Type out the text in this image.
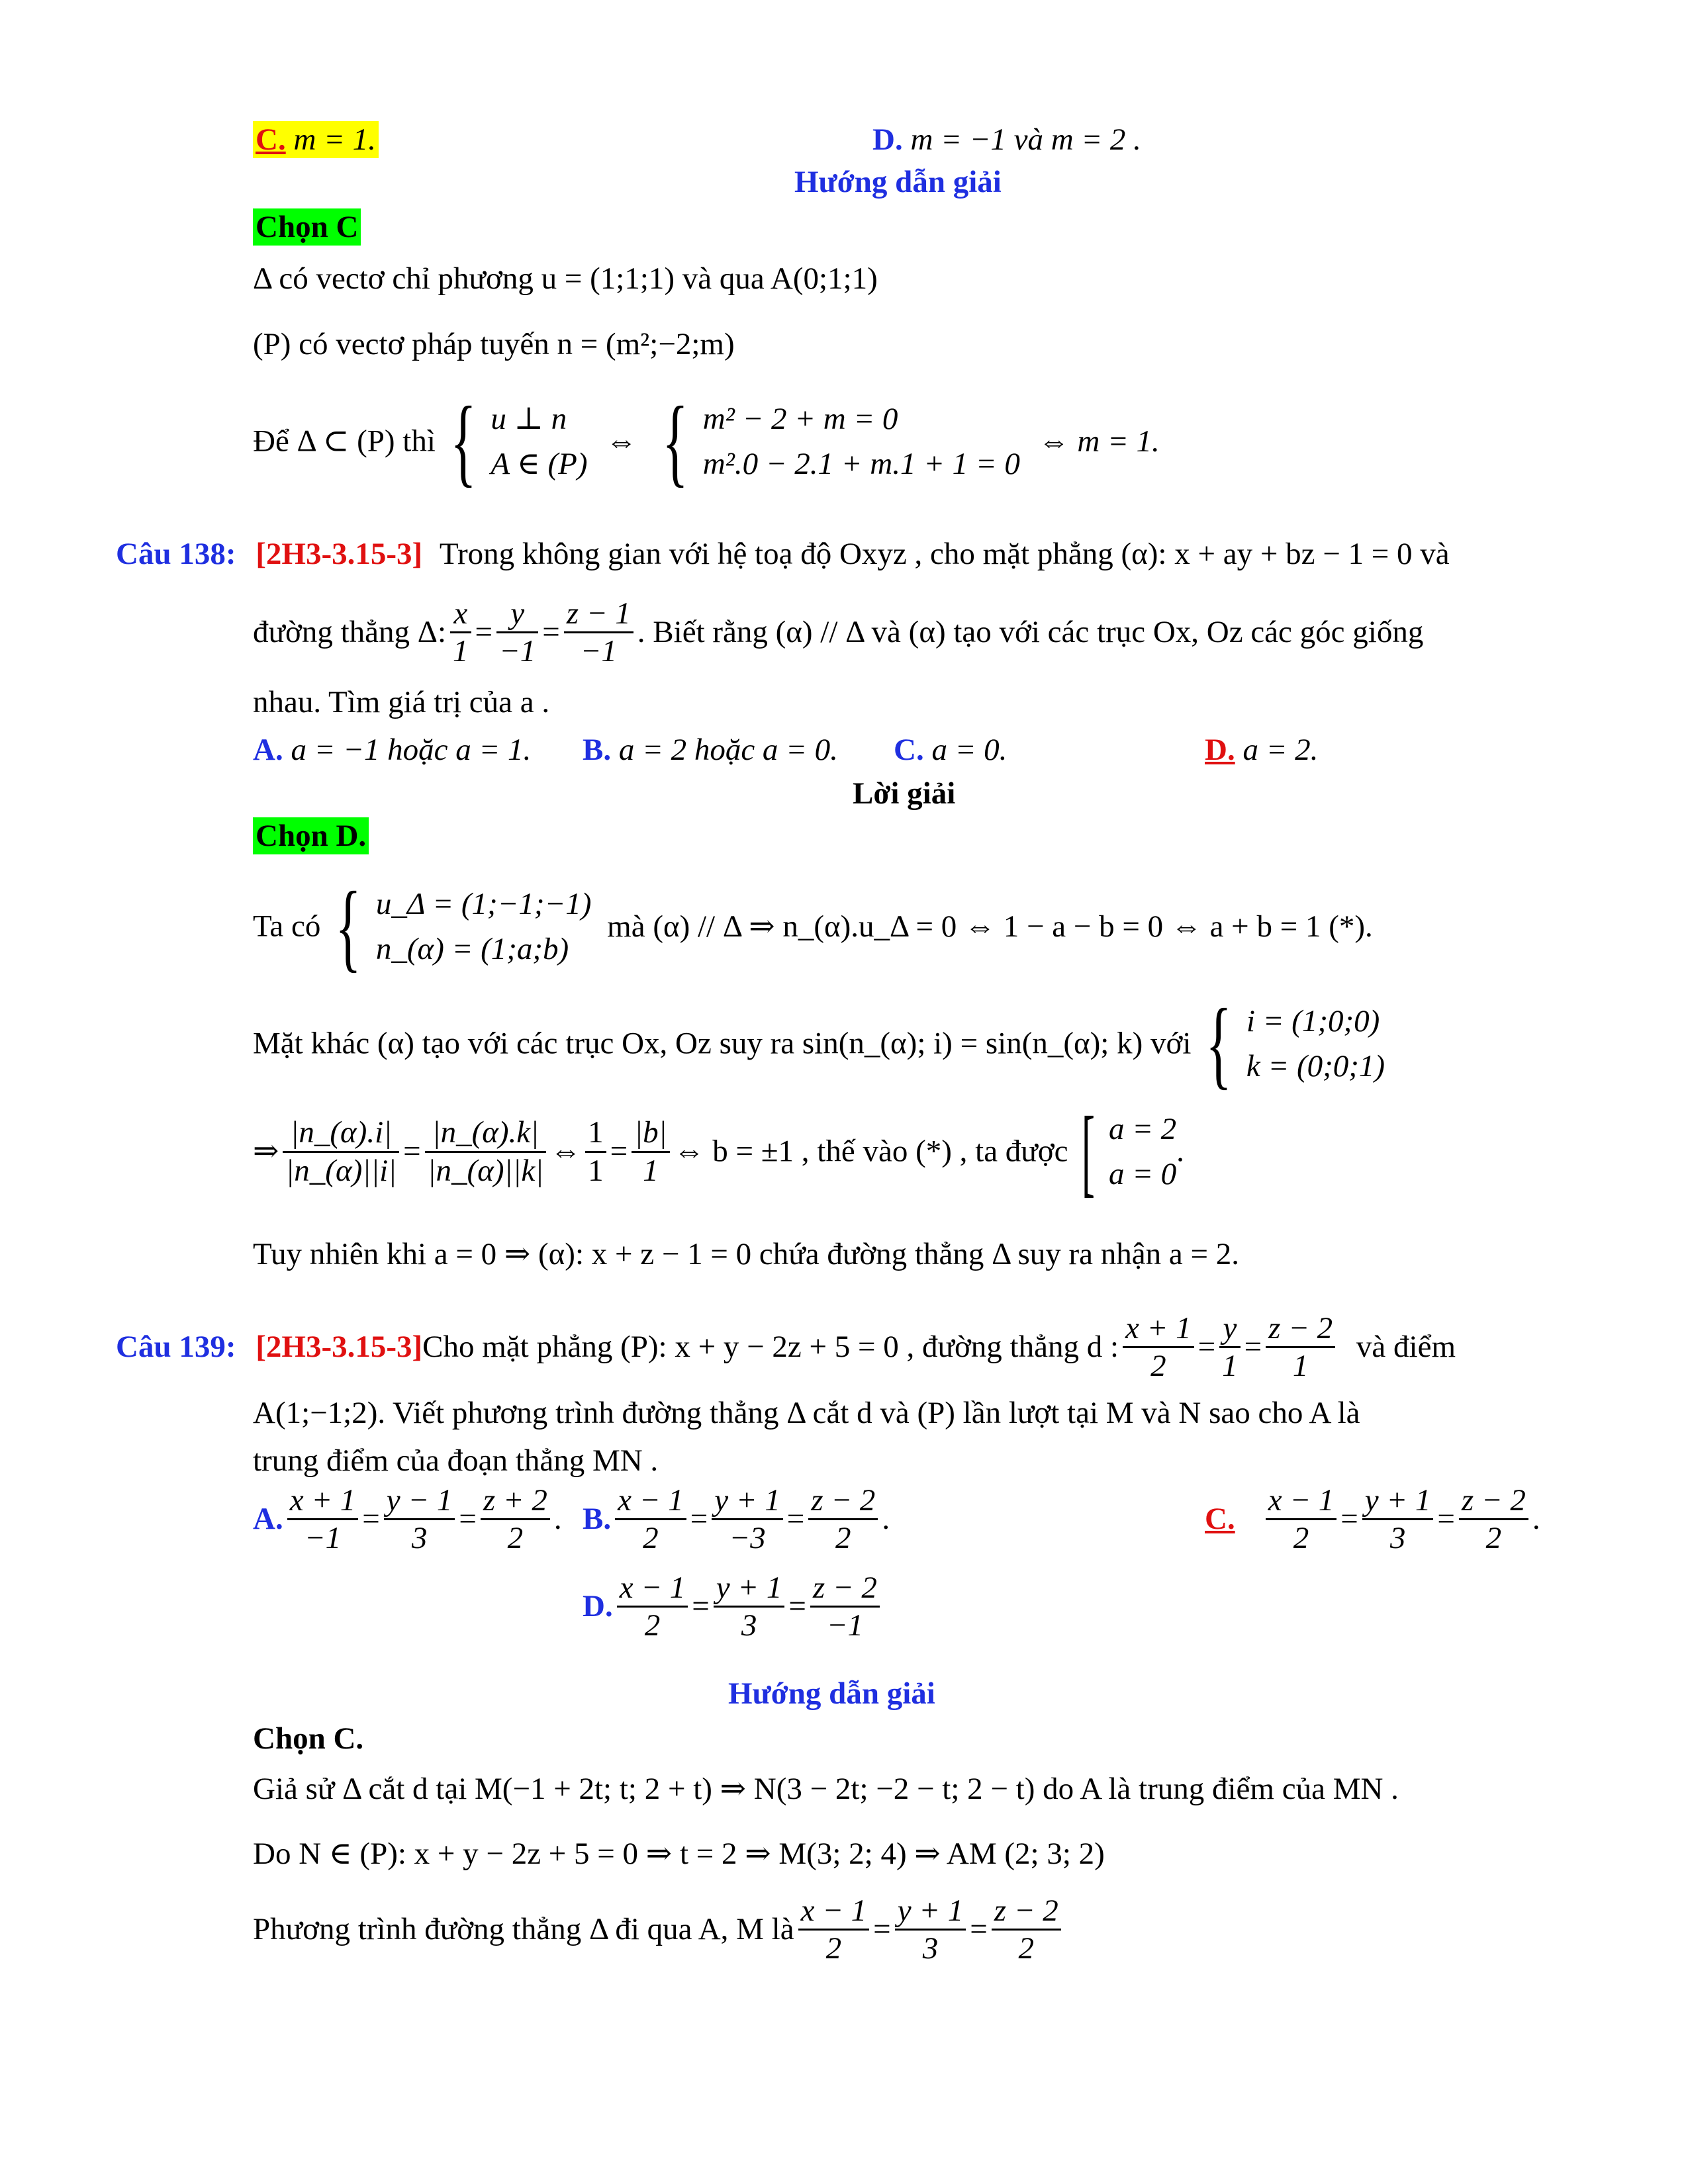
C. m = 1.	D. m = −1 và m = 2 .
Hướng dẫn giải
Chọn C
Δ có vectơ chỉ phương u = (1;1;1) và qua A(0;1;1)
(P) có vectơ pháp tuyến n = (m²;−2;m)
Để Δ ⊂ (P) thì { u ⊥ n
A ∈ (P) ⇔ { m² − 2 + m = 0
m².0 − 2.1 + m.1 + 1 = 0 ⇔ m = 1.
Câu 138: [2H3-3.15-3] Trong không gian với hệ toạ độ Oxyz , cho mặt phẳng (α): x + ay + bz − 1 = 0 và
đường thẳng Δ: $\frac{x}{1} = \frac{y}{-1} = \frac{z - 1}{-1}$ . Biết rằng (α) // Δ và (α) tạo với các trục Ox, Oz các góc giống
nhau. Tìm giá trị của a .
A. a = −1 hoặc a = 1. B. a = 2 hoặc a = 0. C. a = 0.	D. a = 2.
Lời giải
Chọn D.
Ta có { u_Δ = (1;−1;−1)
n_(α) = (1;a;b) mà (α) // Δ ⇒ n_(α).u_Δ = 0 ⇔ 1 − a − b = 0 ⇔ a + b = 1 (*).
Mặt khác (α) tạo với các trục Ox, Oz suy ra sin(n_(α); i) = sin(n_(α); k) với { i = (1;0;0)
k = (0;0;1)
⇒ $\frac{|n\_(\alpha).i|}{|n\_(\alpha)||i|} = \frac{|n\_(\alpha).k|}{|n\_(\alpha)||k|}$ ⇔ $\frac{1}{1} = \frac{|b|}{1}$ ⇔ b = ±1 , thế vào (*) , ta được [ a = 2
a = 0.
Tuy nhiên khi a = 0 ⇒ (α): x + z − 1 = 0 chứa đường thẳng Δ suy ra nhận a = 2.
Câu 139: [2H3-3.15-3]Cho mặt phẳng (P): x + y − 2z + 5 = 0 , đường thẳng d : $\frac{x + 1}{2} = \frac{y}{1} = \frac{z - 2}{1}$ và điểm
A(1;−1;2). Viết phương trình đường thẳng Δ cắt d và (P) lần lượt tại M và N sao cho A là
trung điểm của đoạn thẳng MN .
A. $\frac{x + 1}{-1} = \frac{y - 1}{3} = \frac{z + 2}{2}$ . B. $\frac{x - 1}{2} = \frac{y + 1}{-3} = \frac{z - 2}{2}$ .	C. $\frac{x - 1}{2} = \frac{y + 1}{3} = \frac{z - 2}{2}$ .
D. $\frac{x - 1}{2} = \frac{y + 1}{3} = \frac{z - 2}{-1}$
Hướng dẫn giải
Chọn C.
Giả sử Δ cắt d tại M(−1 + 2t; t; 2 + t) ⇒ N(3 − 2t; −2 − t; 2 − t) do A là trung điểm của MN .
Do N ∈ (P): x + y − 2z + 5 = 0 ⇒ t = 2 ⇒ M(3; 2; 4) ⇒ AM (2; 3; 2)
Phương trình đường thẳng Δ đi qua A, M là $\frac{x - 1}{2} = \frac{y + 1}{3} = \frac{z - 2}{2}$
